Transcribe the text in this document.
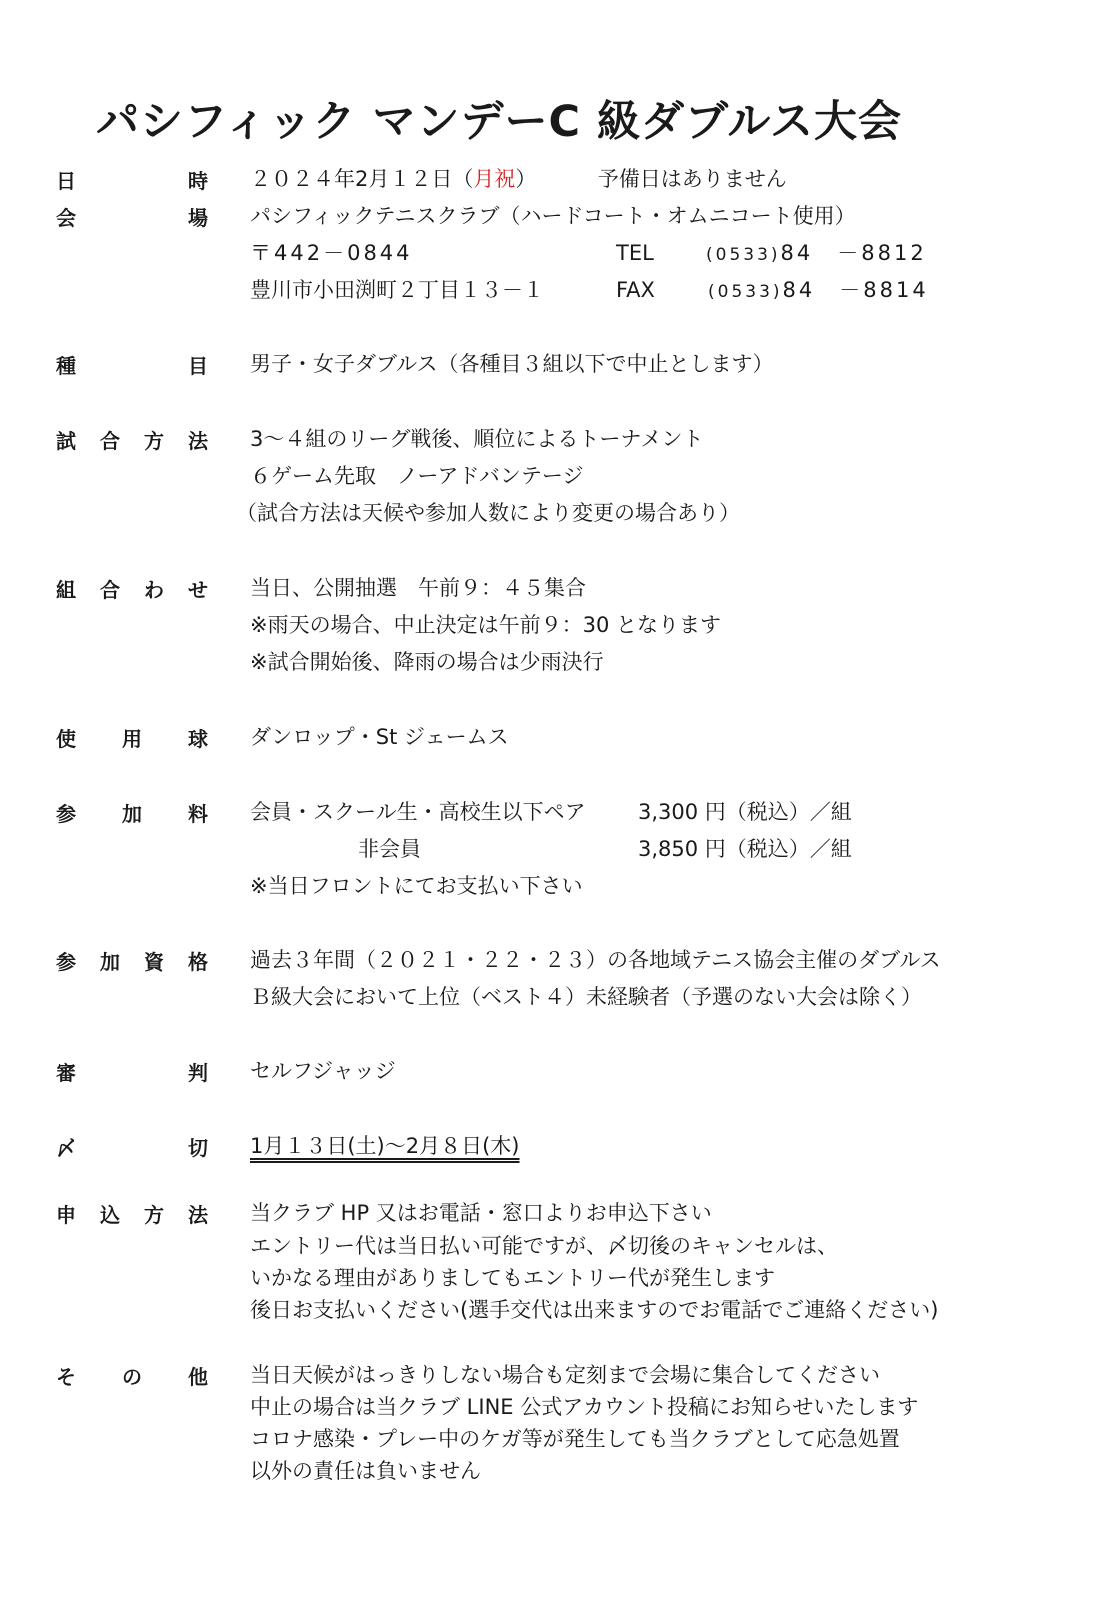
パシフィック マンデーC 級ダブルス大会
日	時 ２０２４年2月１２日（月祝）	予備日はありません
会	場 パシフィックテニスクラブ（ハードコート・オムニコート使用）
〒442－0844
豊川市小田渕町２丁目１３－１
TEL	(0533)84　－8812
FAX	(0533)84　－8814
種	目 男子・女子ダブルス（各種目３組以下で中止とします）
試 合 方 法 3～４組のリーグ戦後、順位によるトーナメント
６ゲーム先取　ノーアドバンテージ
（試合方法は天候や参加人数により変更の場合あり）
組 合 わ せ 当日、公開抽選　午前９：４５集合
※雨天の場合、中止決定は午前９：30 となります
※試合開始後、降雨の場合は少雨決行
使 用 球 ダンロップ・St ジェームス
参 加 料 会員・スクール生・高校生以下ペア 3,300 円（税込）／組
非会員	3,850 円（税込）／組
※当日フロントにてお支払い下さい
参 加 資 格 過去３年間（２０２１・２２・２３）の各地域テニス協会主催のダブルス
Ｂ級大会において上位（ベスト４）未経験者（予選のない大会は除く）
審	判 セルフジャッジ
〆	切 1月１３日(土)～2月８日(木)
申 込 方 法 当クラブ HP 又はお電話・窓口よりお申込下さい
エントリー代は当日払い可能ですが、〆切後のキャンセルは、
いかなる理由がありましてもエントリー代が発生します
後日お支払いください(選手交代は出来ますのでお電話でご連絡ください)
そ の 他 当日天候がはっきりしない場合も定刻まで会場に集合してください
中止の場合は当クラブ LINE 公式アカウント投稿にお知らせいたします
コロナ感染・プレー中のケガ等が発生しても当クラブとして応急処置
以外の責任は負いません
